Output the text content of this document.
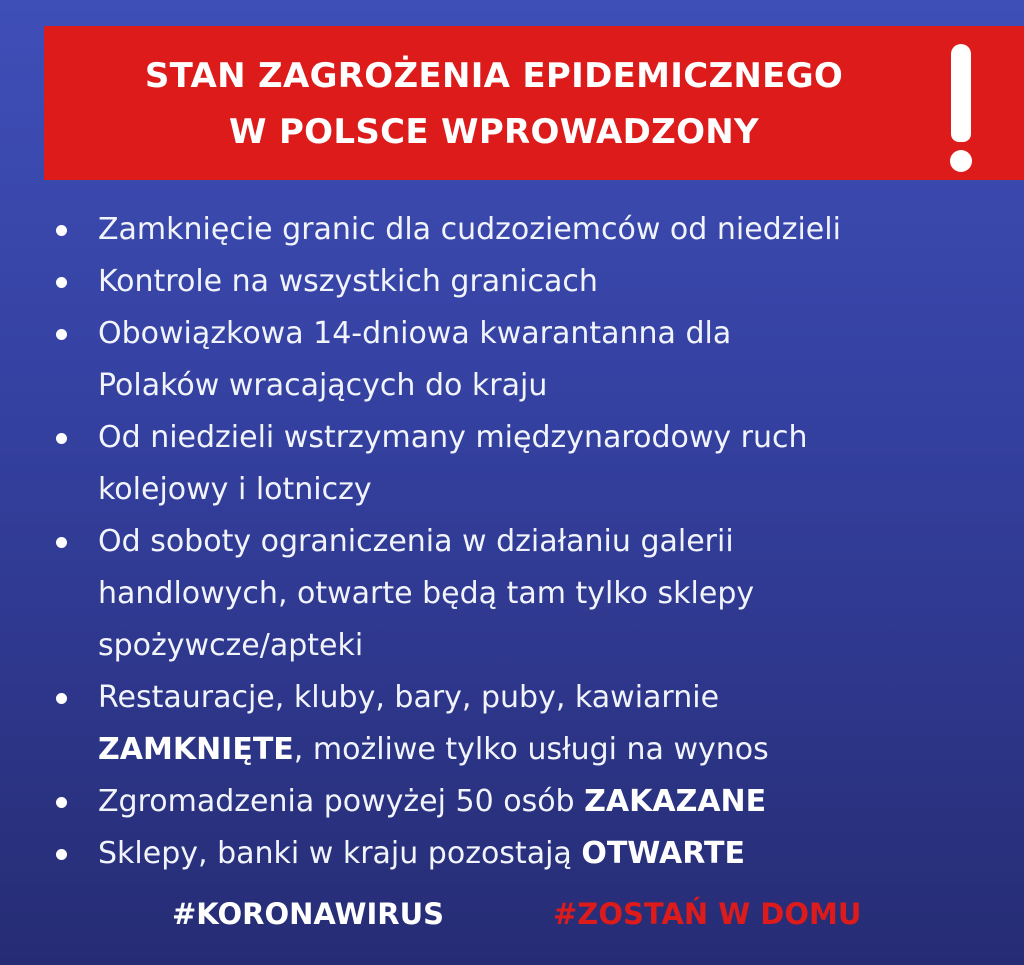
STAN ZAGROŻENIA EPIDEMICZNEGO
W POLSCE WPROWADZONY
Zamknięcie granic dla cudzoziemców od niedzieli
Kontrole na wszystkich granicach
Obowiązkowa 14-dniowa kwarantanna dla
Polaków wracających do kraju
Od niedzieli wstrzymany międzynarodowy ruch
kolejowy i lotniczy
Od soboty ograniczenia w działaniu galerii
handlowych, otwarte będą tam tylko sklepy
spożywcze/apteki
Restauracje, kluby, bary, puby, kawiarnie
ZAMKNIĘTE, możliwe tylko usługi na wynos
Zgromadzenia powyżej 50 osób ZAKAZANE
Sklepy, banki w kraju pozostają OTWARTE
#KORONAWIRUS	#ZOSTAŃ W DOMU
